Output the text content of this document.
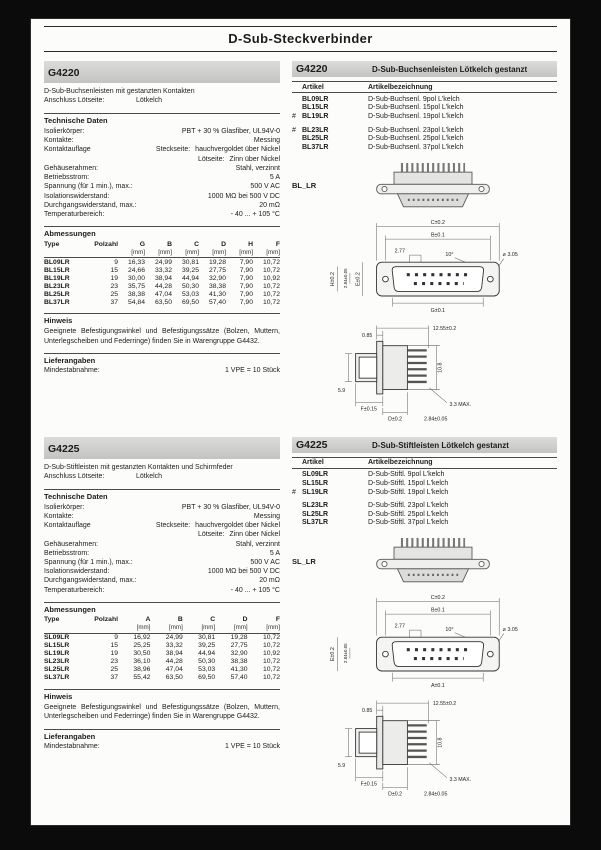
D-Sub-Steckverbinder
G4220
D-Sub-Buchsenleisten mit gestanzten Kontakten
Anschluss Lötseite:	Lötkelch
Technische Daten
Isolierkörper:	PBT + 30 % Glasfiber, UL94V-0
Kontakte:	Messing
Kontaktauflage	Steckseite: hauchvergoldet über Nickel
Lötseite: Zinn über Nickel
Gehäuserahmen:	Stahl, verzinnt
Betriebsstrom:	5 A
Spannung (für 1 min.), max.:	500 V AC
Isolationswiderstand:	1000 MΩ bei 500 V DC
Durchgangswiderstand, max.:	20 mΩ
Temperaturbereich:	- 40 ... + 105 °C
Abmessungen
Type	Polzahl	G	B	C	D	H	F
[mm]	[mm]	[mm]	[mm]	[mm]	[mm]
BL09LR	9	16,33	24,99	30,81	19,28	7,90	10,72
BL15LR	15	24,66	33,32	39,25	27,75	7,90	10,72
BL19LR	19	30,00	38,94	44,94	32,90	7,90	10,92
BL23LR	23	35,75	44,28	50,30	38,38	7,90	10,72
BL25LR	25	38,38	47,04	53,03	41,30	7,90	10,72
BL37LR	37	54,84	63,50	69,50	57,40	7,90	10,72
Hinweis
Geeignete Befestigungswinkel und Befestigungssätze (Bolzen, Muttern, Unterlegscheiben und Federringe) finden Sie in Warengruppe G4432.
Lieferangaben
Mindestabnahme:	1 VPE = 10 Stück
G4220	D-Sub-Buchsenleisten Lötkelch gestanzt
Artikel	Artikelbezeichnung
BL09LR	D-Sub-Buchsenl. 9pol L'kelch
BL15LR	D-Sub-Buchsenl. 15pol L'kelch
# BL19LR	D-Sub-Buchsenl. 19pol L'kelch
# BL23LR	D-Sub-Buchsenl. 23pol L'kelch
BL25LR	D-Sub-Buchsenl. 25pol L'kelch
BL37LR	D-Sub-Buchsenl. 37pol L'kelch
BL_LR
C±0.2
B±0.1
2.77
10°	⌀ 3.05
G±0.1
H±0.2 2.84±0.05 E±0.2
0.85
12.55±0.2
10.8
5.9
F±0.15
3.3 MAX.
D±0.2	2.84±0.05
G4225
D-Sub-Stiftleisten mit gestanzten Kontakten und Schirmfeder
Anschluss Lötseite:	Lötkelch
Technische Daten
Isolierkörper:	PBT + 30 % Glasfiber, UL94V-0
Kontakte:	Messing
Kontaktauflage	Steckseite: hauchvergoldet über Nickel
Lötseite: Zinn über Nickel
Gehäuserahmen:	Stahl, verzinnt
Betriebsstrom:	5 A
Spannung (für 1 min.), max.:	500 V AC
Isolationswiderstand:	1000 MΩ bei 500 V DC
Durchgangswiderstand, max.:	20 mΩ
Temperaturbereich:	- 40 ... + 105 °C
Abmessungen
Type	Polzahl	A	B	C	D	F
[mm]	[mm]	[mm]	[mm]	[mm]
SL09LR	9	16,92	24,99	30,81	19,28	10,72
SL15LR	15	25,25	33,32	39,25	27,75	10,72
SL19LR	19	30,50	38,94	44,94	32,90	10,92
SL23LR	23	36,10	44,28	50,30	38,38	10,72
SL25LR	25	38,96	47,04	53,03	41,30	10,72
SL37LR	37	55,42	63,50	69,50	57,40	10,72
Hinweis
Geeignete Befestigungswinkel und Befestigungssätze (Bolzen, Muttern, Unterlegscheiben und Federringe) finden Sie in Warengruppe G4432.
Lieferangaben
Mindestabnahme:	1 VPE = 10 Stück
G4225	D-Sub-Stiftleisten Lötkelch gestanzt
Artikel	Artikelbezeichnung
SL09LR	D-Sub-Stiftl. 9pol L'kelch
SL15LR	D-Sub-Stiftl. 15pol L'kelch
# SL19LR	D-Sub-Stiftl. 19pol L'kelch
SL23LR	D-Sub-Stiftl. 23pol L'kelch
SL25LR	D-Sub-Stiftl. 25pol L'kelch
SL37LR	D-Sub-Stiftl. 37pol L'kelch
SL_LR
C±0.2
B±0.1
2.77
10°	⌀ 3.05
A±0.1
E±0.2 2.84±0.05
0.85
12.55±0.2
10.8
5.9
F±0.15
3.3 MAX.
D±0.2	2.84±0.05
